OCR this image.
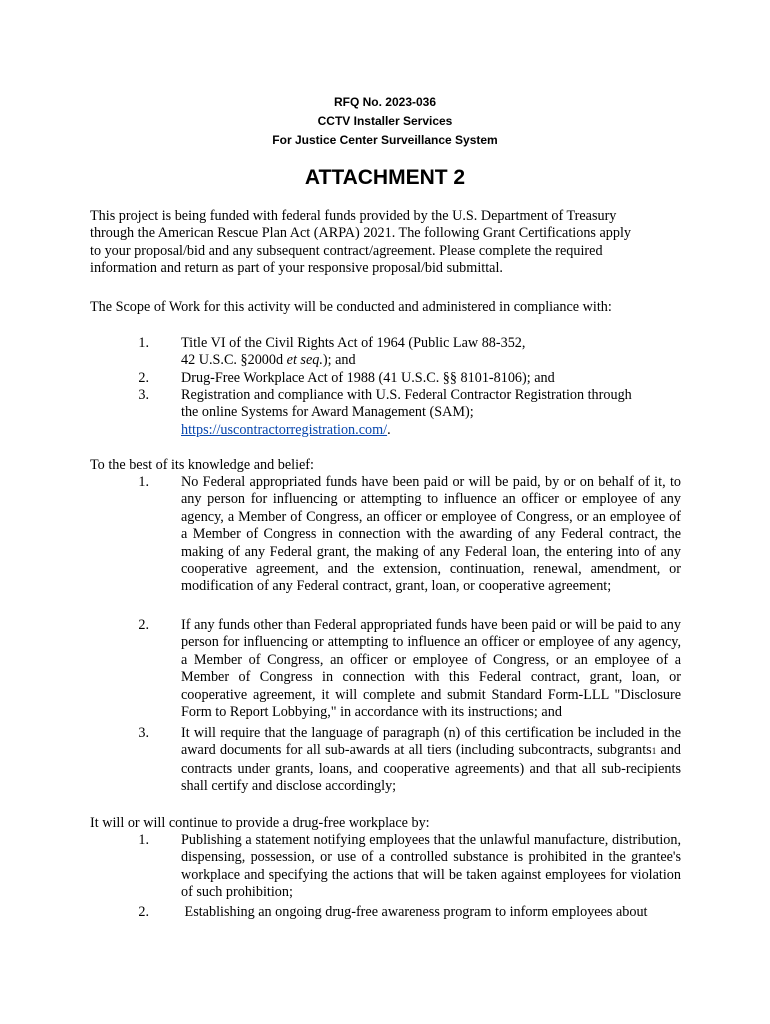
RFQ No. 2023-036
CCTV Installer Services
For Justice Center Surveillance System
ATTACHMENT 2
This project is being funded with federal funds provided by the U.S. Department of Treasury
through the American Rescue Plan Act (ARPA) 2021. The following Grant Certifications apply
to your proposal/bid and any subsequent contract/agreement. Please complete the required
information and return as part of your responsive proposal/bid submittal.
The Scope of Work for this activity will be conducted and administered in compliance with:
1. Title VI of the Civil Rights Act of 1964 (Public Law 88-352,
42 U.S.C. §2000d et seq.); and
2. Drug-Free Workplace Act of 1988 (41 U.S.C. §§ 8101-8106); and
3. Registration and compliance with U.S. Federal Contractor Registration through
the online Systems for Award Management (SAM);
https://uscontractorregistration.com/.
To the best of its knowledge and belief:
1. No Federal appropriated funds have been paid or will be paid, by or on behalf of it, to any person for influencing or attempting to influence an officer or employee of any agency, a Member of Congress, an officer or employee of Congress, or an employee of a Member of Congress in connection with the awarding of any Federal contract, the making of any Federal grant, the making of any Federal loan, the entering into of any cooperative agreement, and the extension, continuation, renewal, amendment, or modification of any Federal contract, grant, loan, or cooperative agreement;
2. If any funds other than Federal appropriated funds have been paid or will be paid to any person for influencing or attempting to influence an officer or employee of any agency, a Member of Congress, an officer or employee of Congress, or an employee of a Member of Congress in connection with this Federal contract, grant, loan, or cooperative agreement, it will complete and submit Standard Form-LLL "Disclosure Form to Report Lobbying," in accordance with its instructions; and
3. It will require that the language of paragraph (n) of this certification be included in the award documents for all sub-awards at all tiers (including subcontracts, subgrants1 and contracts under grants, loans, and cooperative agreements) and that all sub-recipients shall certify and disclose accordingly;
It will or will continue to provide a drug-free workplace by:
1. Publishing a statement notifying employees that the unlawful manufacture, distribution, dispensing, possession, or use of a controlled substance is prohibited in the grantee's workplace and specifying the actions that will be taken against employees for violation of such prohibition;
2. Establishing an ongoing drug-free awareness program to inform employees about
